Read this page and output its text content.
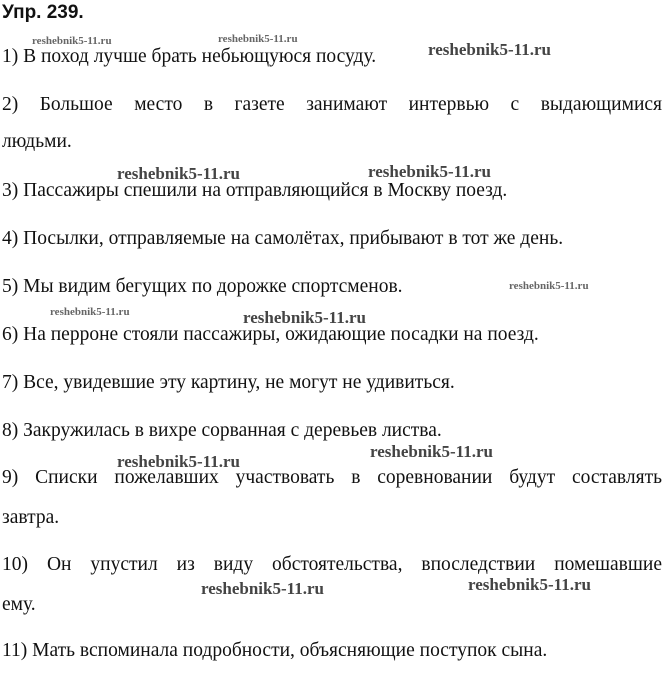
Упр. 239.
1) В поход лучше брать небьющуюся посуду.
2) Большое место в газете занимают интервью с выдающимися
людьми.
3) Пассажиры спешили на отправляющийся в Москву поезд.
4) Посылки, отправляемые на самолётах, прибывают в тот же день.
5) Мы видим бегущих по дорожке спортсменов.
6) На перроне стояли пассажиры, ожидающие посадки на поезд.
7) Все, увидевшие эту картину, не могут не удивиться.
8) Закружилась в вихре сорванная с деревьев листва.
9) Списки пожелавших участвовать в соревновании будут составлять
завтра.
10) Он упустил из виду обстоятельства, впоследствии помешавшие
ему.
11) Мать вспоминала подробности, объясняющие поступок сына.
reshebnik5-11.ru	reshebnik5-11.ru
reshebnik5-11.ru
reshebnik5-11.ru	reshebnik5-11.ru
reshebnik5-11.ru
reshebnik5-11.ru	reshebnik5-11.ru
reshebnik5-11.ru
reshebnik5-11.ru
reshebnik5-11.ru	reshebnik5-11.ru
